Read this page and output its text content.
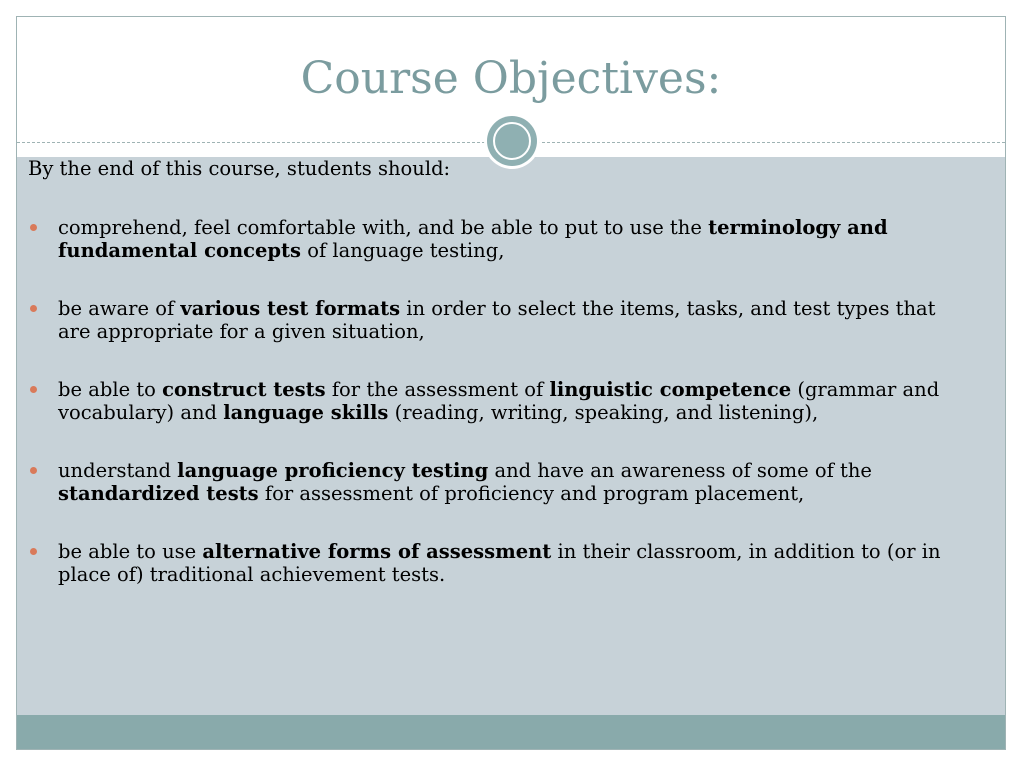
Course Objectives:
By the end of this course, students should:
comprehend, feel comfortable with, and be able to put to use the terminology and fundamental concepts of language testing,
be aware of various test formats in order to select the items, tasks, and test types that are appropriate for a given situation,
be able to construct tests for the assessment of linguistic competence (grammar and vocabulary) and language skills (reading, writing, speaking, and listening),
understand language proficiency testing and have an awareness of some of the standardized tests for assessment of proficiency and program placement,
be able to use alternative forms of assessment in their classroom, in addition to (or in place of) traditional achievement tests.
